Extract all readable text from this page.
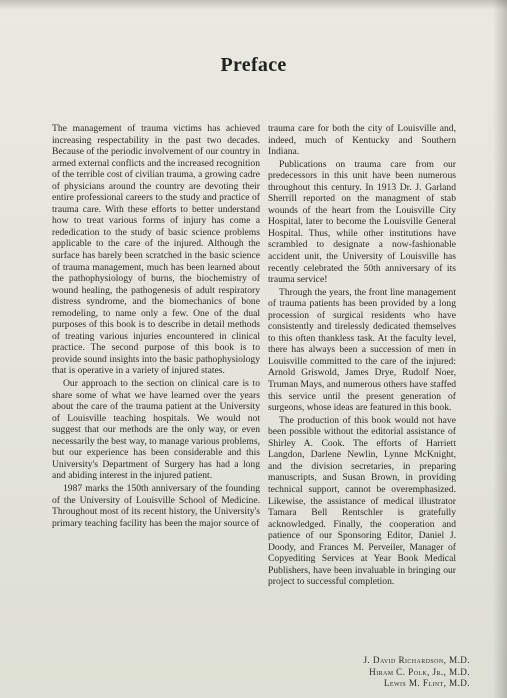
Preface

The management of trauma victims has achieved increasing respectability in the past two decades. Because of the periodic involvement of our country in armed external conflicts and the increased recognition of the terrible cost of civilian trauma, a growing cadre of physicians around the country are devoting their entire professional careers to the study and practice of trauma care. With these efforts to better understand how to treat various forms of injury has come a rededication to the study of basic science problems applicable to the care of the injured. Although the surface has barely been scratched in the basic science of trauma management, much has been learned about the pathophysiology of burns, the biochemistry of wound healing, the pathogenesis of adult respiratory distress syndrome, and the biomechanics of bone remodeling, to name only a few. One of the dual purposes of this book is to describe in detail methods of treating various injuries encountered in clinical practice. The second purpose of this book is to provide sound insights into the basic pathophysiology that is operative in a variety of injured states.

Our approach to the section on clinical care is to share some of what we have learned over the years about the care of the trauma patient at the University of Louisville teaching hospitals. We would not suggest that our methods are the only way, or even necessarily the best way, to manage various problems, but our experience has been considerable and this University's Department of Surgery has had a long and abiding interest in the injured patient.

1987 marks the 150th anniversary of the founding of the University of Louisville School of Medicine. Throughout most of its recent history, the University's primary teaching facility has been the major source of

trauma care for both the city of Louisville and, indeed, much of Kentucky and Southern Indiana.

Publications on trauma care from our predecessors in this unit have been numerous throughout this century. In 1913 Dr. J. Garland Sherrill reported on the managment of stab wounds of the heart from the Louisville City Hospital, later to become the Louisville General Hospital. Thus, while other institutions have scrambled to designate a now-fashionable accident unit, the University of Louisville has recently celebrated the 50th anniversary of its trauma service!

Through the years, the front line management of trauma patients has been provided by a long procession of surgical residents who have consistently and tirelessly dedicated themselves to this often thankless task. At the faculty level, there has always been a succession of men in Louisville committed to the care of the injured: Arnold Griswold, James Drye, Rudolf Noer, Truman Mays, and numerous others have staffed this service until the present generation of surgeons, whose ideas are featured in this book.

The production of this book would not have been possible without the editorial assistance of Shirley A. Cook. The efforts of Harriett Langdon, Darlene Newlin, Lynne McKnight, and the division secretaries, in preparing manuscripts, and Susan Brown, in providing technical support, cannot be overemphasized. Likewise, the assistance of medical illustrator Tamara Bell Rentschler is gratefully acknowledged. Finally, the cooperation and patience of our Sponsoring Editor, Daniel J. Doody, and Frances M. Perveiler, Manager of Copyediting Services at Year Book Medical Publishers, have been invaluable in bringing our project to successful completion.

J. David Richardson, M.D.
Hiram C. Polk, Jr., M.D.
Lewis M. Flint, M.D.
